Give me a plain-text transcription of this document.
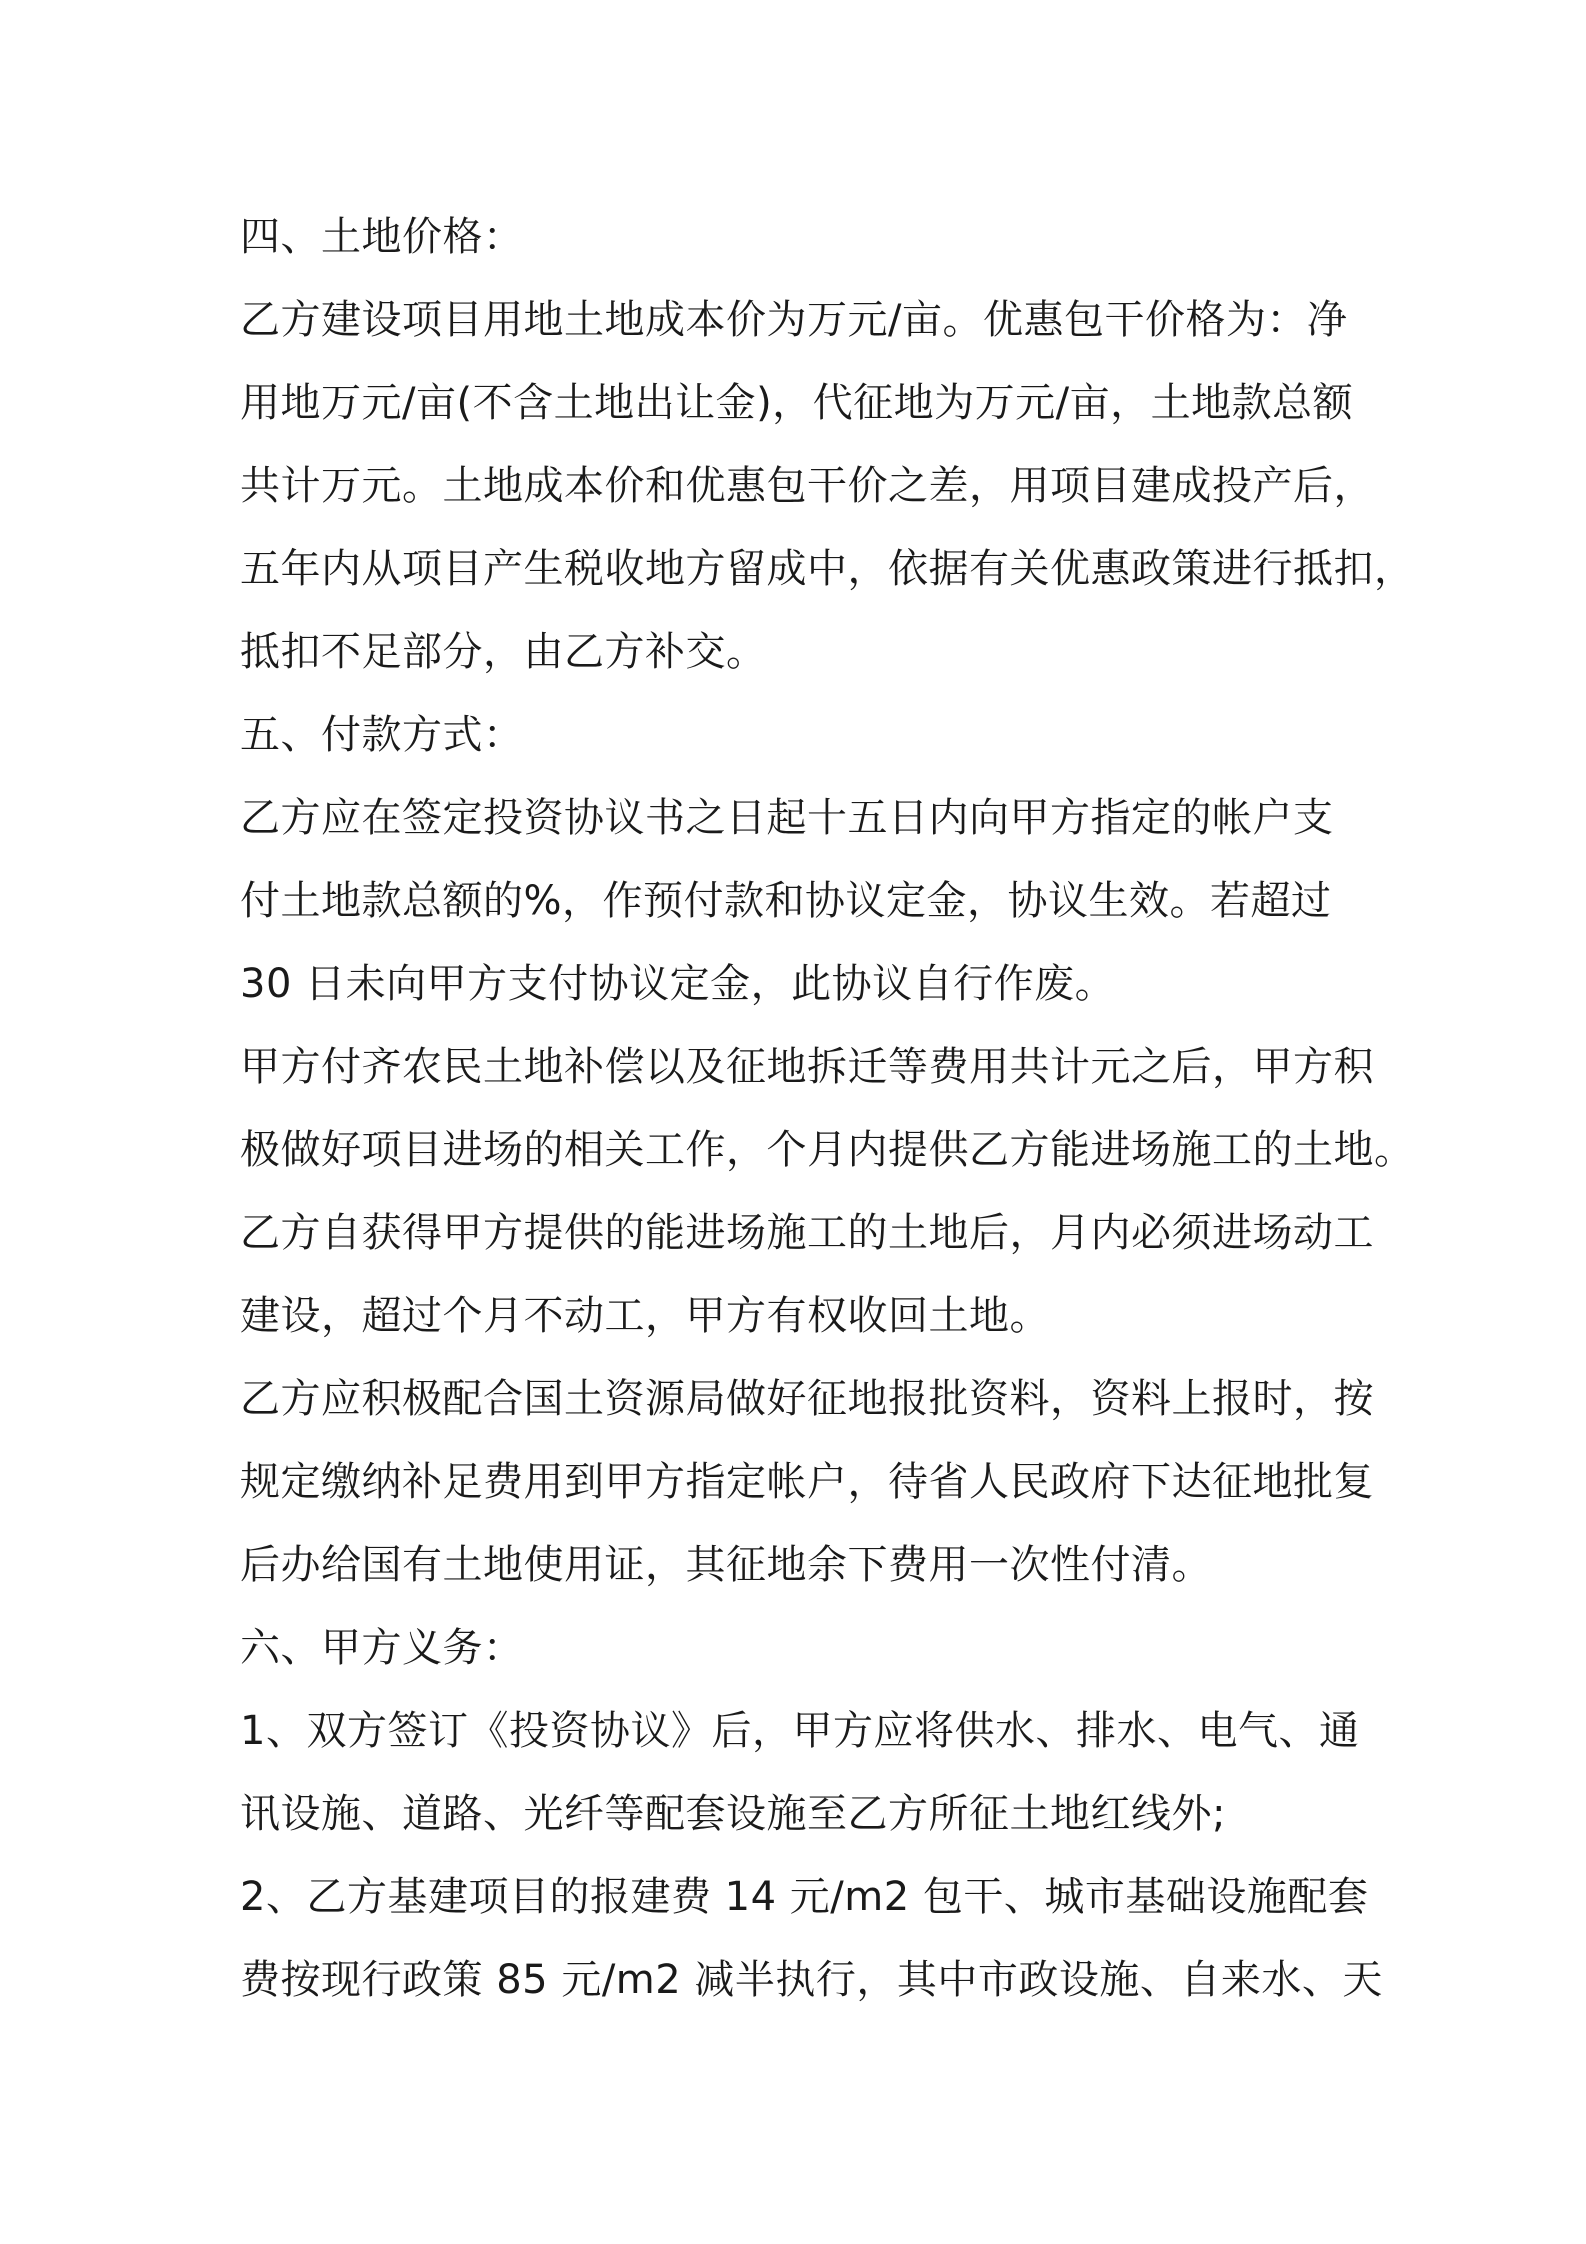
四、土地价格：
乙方建设项目用地土地成本价为万元/亩。优惠包干价格为：净
用地万元/亩(不含土地出让金)，代征地为万元/亩，土地款总额
共计万元。土地成本价和优惠包干价之差，用项目建成投产后，
五年内从项目产生税收地方留成中，依据有关优惠政策进行抵扣，
抵扣不足部分，由乙方补交。
五、付款方式：
乙方应在签定投资协议书之日起十五日内向甲方指定的帐户支
付土地款总额的%，作预付款和协议定金，协议生效。若超过
30 日未向甲方支付协议定金，此协议自行作废。
甲方付齐农民土地补偿以及征地拆迁等费用共计元之后，甲方积
极做好项目进场的相关工作，个月内提供乙方能进场施工的土地。
乙方自获得甲方提供的能进场施工的土地后，月内必须进场动工
建设，超过个月不动工，甲方有权收回土地。
乙方应积极配合国土资源局做好征地报批资料，资料上报时，按
规定缴纳补足费用到甲方指定帐户，待省人民政府下达征地批复
后办给国有土地使用证，其征地余下费用一次性付清。
六、甲方义务：
1、双方签订《投资协议》后，甲方应将供水、排水、电气、通
讯设施、道路、光纤等配套设施至乙方所征土地红线外;
2、乙方基建项目的报建费 14 元/m2 包干、城市基础设施配套
费按现行政策 85 元/m2 减半执行，其中市政设施、自来水、天
